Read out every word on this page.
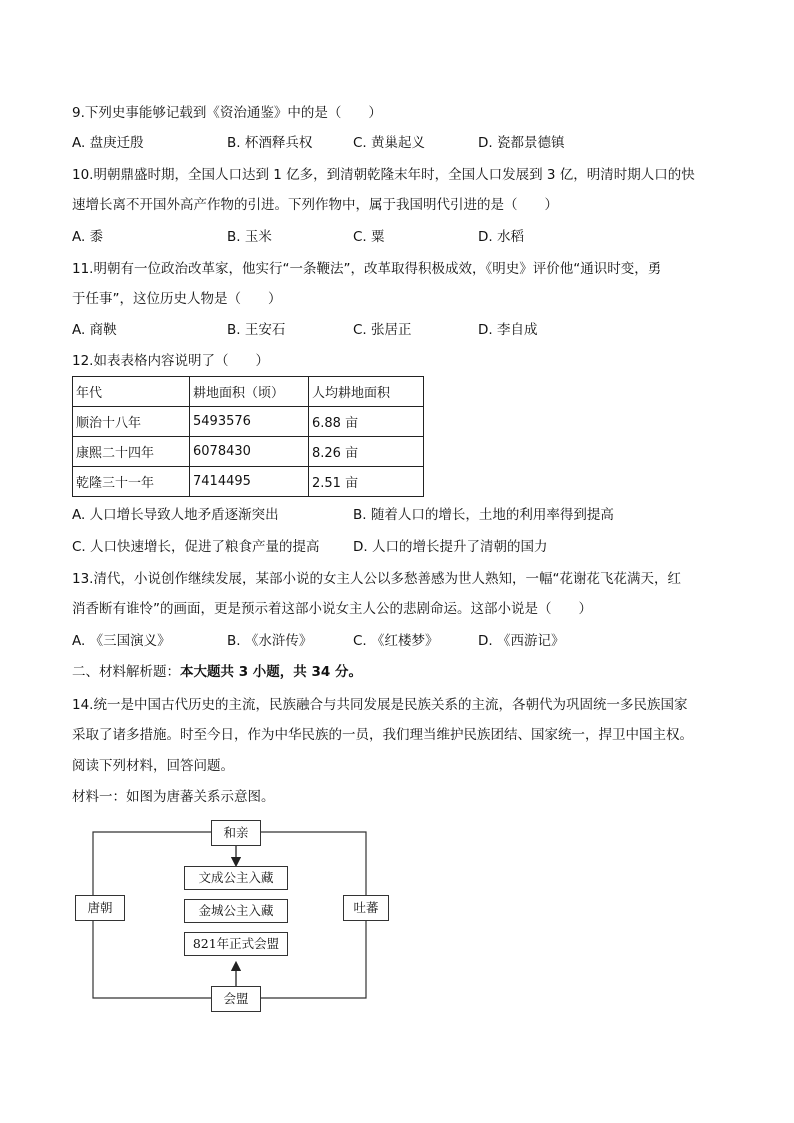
9.下列史事能够记载到《资治通鉴》中的是（　　）
A. 盘庚迁殷	B. 杯酒释兵权	C. 黄巢起义	D. 瓷都景德镇
10.明朝鼎盛时期，全国人口达到 1 亿多，到清朝乾隆末年时，全国人口发展到 3 亿，明清时期人口的快
速增长离不开国外高产作物的引进。下列作物中，属于我国明代引进的是（　　）
A. 黍	B. 玉米	C. 粟	D. 水稻
11.明朝有一位政治改革家，他实行“一条鞭法”，改革取得积极成效，《明史》评价他“通识时变，勇
于任事”，这位历史人物是（　　）
A. 商鞅	B. 王安石	C. 张居正	D. 李自成
12.如表表格内容说明了（　　）
年代	耕地面积（顷）	人均耕地面积
顺治十八年	5493576	6.88 亩
康熙二十四年	6078430	8.26 亩
乾隆三十一年	7414495	2.51 亩
A. 人口增长导致人地矛盾逐渐突出	B. 随着人口的增长，土地的利用率得到提高
C. 人口快速增长，促进了粮食产量的提高 D. 人口的增长提升了清朝的国力
13.清代，小说创作继续发展，某部小说的女主人公以多愁善感为世人熟知，一幅“花谢花飞花满天，红
消香断有谁怜”的画面，更是预示着这部小说女主人公的悲剧命运。这部小说是（　　）
A. 《三国演义》	B. 《水浒传》	C. 《红楼梦》	D. 《西游记》
二、材料解析题：本大题共 3 小题，共 34 分。
14.统一是中国古代历史的主流，民族融合与共同发展是民族关系的主流，各朝代为巩固统一多民族国家
采取了诸多措施。时至今日，作为中华民族的一员，我们理当维护民族团结、国家统一，捍卫中国主权。
阅读下列材料，回答问题。
材料一：如图为唐蕃关系示意图。
和亲
唐朝	吐蕃
会盟
文成公主入藏
金城公主入藏
821年正式会盟
